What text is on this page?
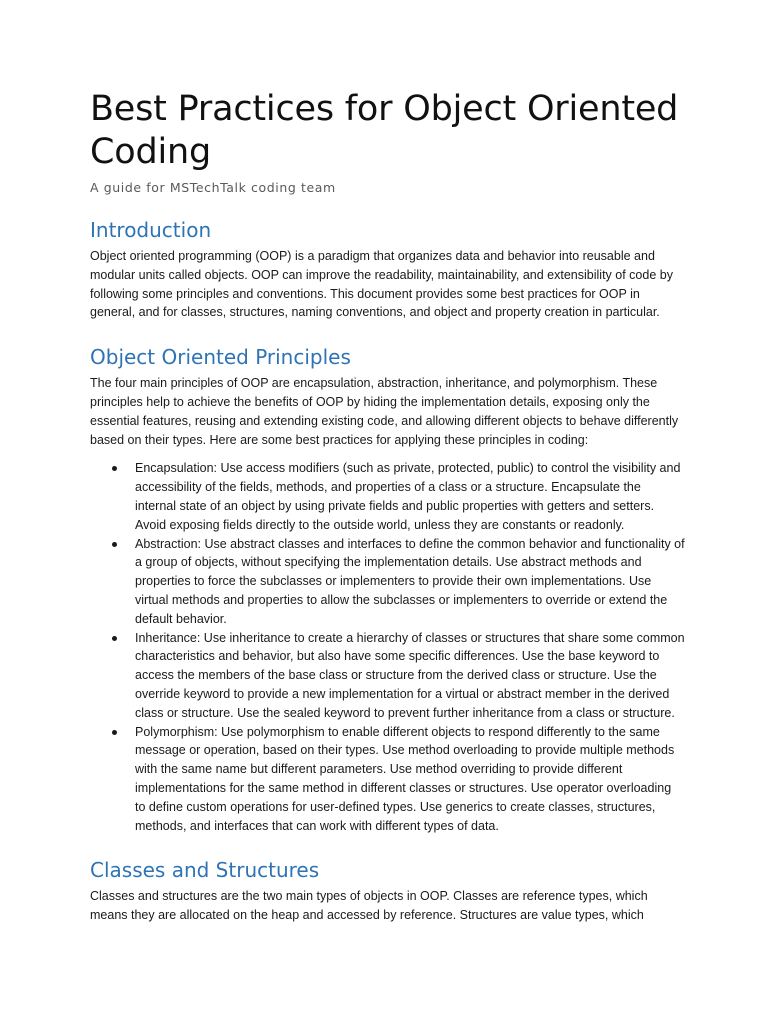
Best Practices for Object Oriented Coding
A guide for MSTechTalk coding team
Introduction

Object oriented programming (OOP) is a paradigm that organizes data and behavior into reusable and modular units called objects. OOP can improve the readability, maintainability, and extensibility of code by following some principles and conventions. This document provides some best practices for OOP in general, and for classes, structures, naming conventions, and object and property creation in particular.

Object Oriented Principles

The four main principles of OOP are encapsulation, abstraction, inheritance, and polymorphism. These principles help to achieve the benefits of OOP by hiding the implementation details, exposing only the essential features, reusing and extending existing code, and allowing different objects to behave differently based on their types. Here are some best practices for applying these principles in coding:

Encapsulation: Use access modifiers (such as private, protected, public) to control the visibility and accessibility of the fields, methods, and properties of a class or a structure. Encapsulate the internal state of an object by using private fields and public properties with getters and setters. Avoid exposing fields directly to the outside world, unless they are constants or readonly.
Abstraction: Use abstract classes and interfaces to define the common behavior and functionality of a group of objects, without specifying the implementation details. Use abstract methods and properties to force the subclasses or implementers to provide their own implementations. Use virtual methods and properties to allow the subclasses or implementers to override or extend the default behavior.
Inheritance: Use inheritance to create a hierarchy of classes or structures that share some common characteristics and behavior, but also have some specific differences. Use the base keyword to access the members of the base class or structure from the derived class or structure. Use the override keyword to provide a new implementation for a virtual or abstract member in the derived class or structure. Use the sealed keyword to prevent further inheritance from a class or structure.
Polymorphism: Use polymorphism to enable different objects to respond differently to the same message or operation, based on their types. Use method overloading to provide multiple methods with the same name but different parameters. Use method overriding to provide different implementations for the same method in different classes or structures. Use operator overloading to define custom operations for user-defined types. Use generics to create classes, structures, methods, and interfaces that can work with different types of data.
Classes and Structures

Classes and structures are the two main types of objects in OOP. Classes are reference types, which means they are allocated on the heap and accessed by reference. Structures are value types, which
